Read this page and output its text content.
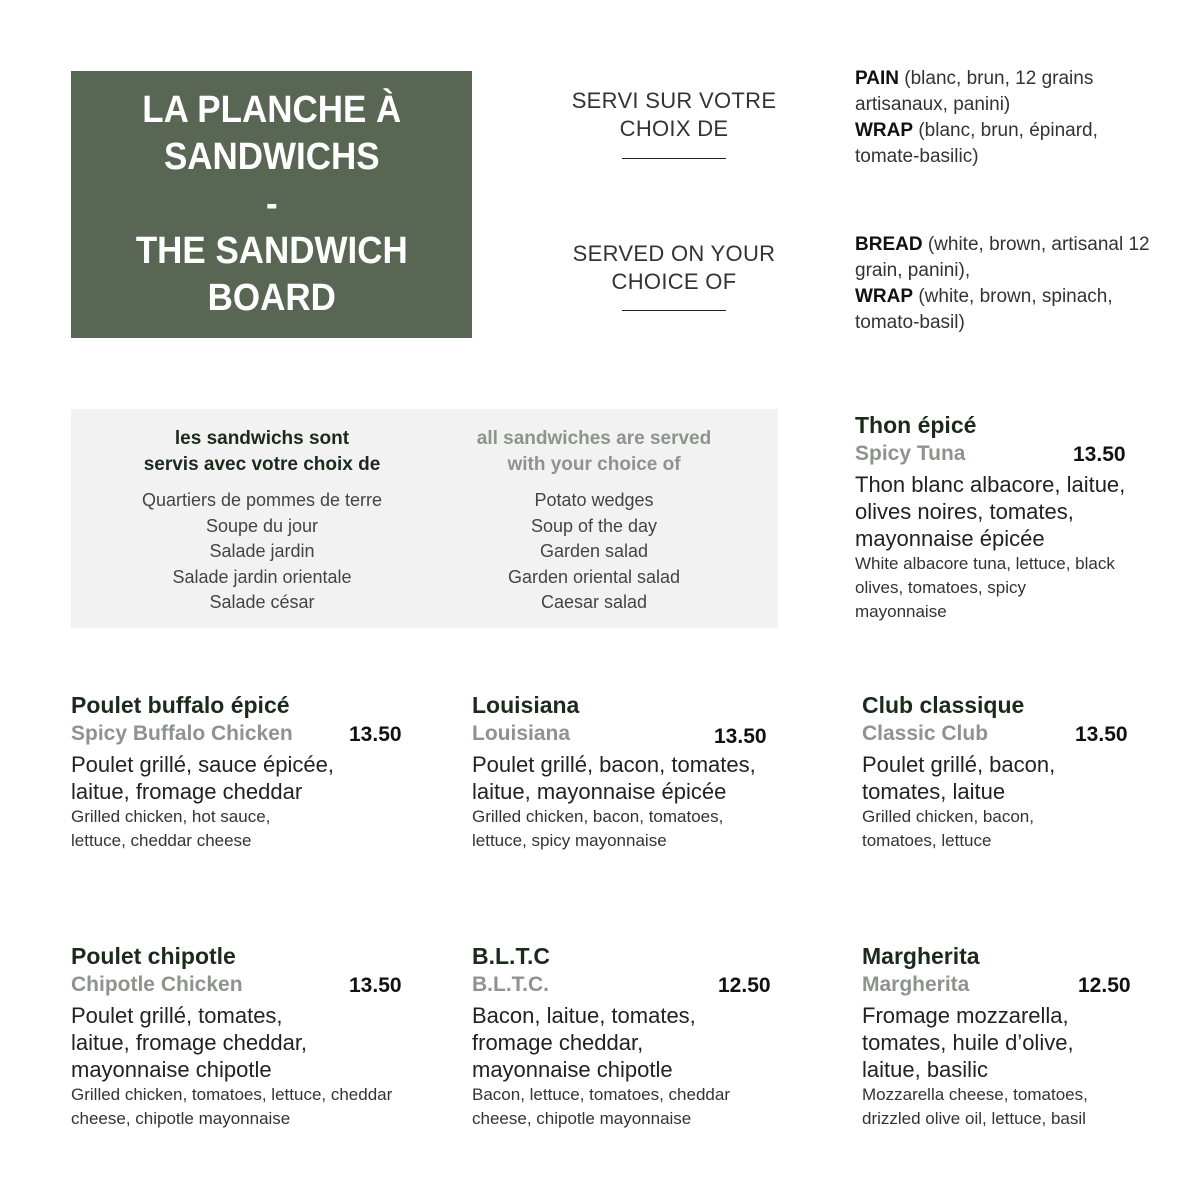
LA PLANCHE À
SANDWICHS
-
THE SANDWICH
BOARD
SERVI SUR VOTRE
CHOIX DE
SERVED ON YOUR
CHOICE OF
PAIN (blanc, brun, 12 grains artisanaux, panini)
WRAP (blanc, brun, épinard, tomate-basilic)
BREAD (white, brown, artisanal 12 grain, panini),
WRAP (white, brown, spinach, tomato-basil)
les sandwichs sont
servis avec votre choix de
Quartiers de pommes de terre
Soupe du jour
Salade jardin
Salade jardin orientale
Salade césar
all sandwiches are served
with your choice of
Potato wedges
Soup of the day
Garden salad
Garden oriental salad
Caesar salad
Thon épicé
Spicy Tuna	13.50
Thon blanc albacore, laitue, olives noires, tomates, mayonnaise épicée
White albacore tuna, lettuce, black olives, tomatoes, spicy mayonnaise
Poulet buffalo épicé
Spicy Buffalo Chicken	13.50
Poulet grillé, sauce épicée, laitue, fromage cheddar
Grilled chicken, hot sauce, lettuce, cheddar cheese
Louisiana
Louisiana	13.50
Poulet grillé, bacon, tomates, laitue, mayonnaise épicée
Grilled chicken, bacon, tomatoes, lettuce, spicy mayonnaise
Club classique
Classic Club	13.50
Poulet grillé, bacon, tomates, laitue
Grilled chicken, bacon, tomatoes, lettuce
Poulet chipotle
Chipotle Chicken	13.50
Poulet grillé, tomates, laitue, fromage cheddar, mayonnaise chipotle
Grilled chicken, tomatoes, lettuce, cheddar cheese, chipotle mayonnaise
B.L.T.C
B.L.T.C.	12.50
Bacon, laitue, tomates, fromage cheddar, mayonnaise chipotle
Bacon, lettuce, tomatoes, cheddar cheese, chipotle mayonnaise
Margherita
Margherita	12.50
Fromage mozzarella, tomates, huile d’olive, laitue, basilic
Mozzarella cheese, tomatoes, drizzled olive oil, lettuce, basil
